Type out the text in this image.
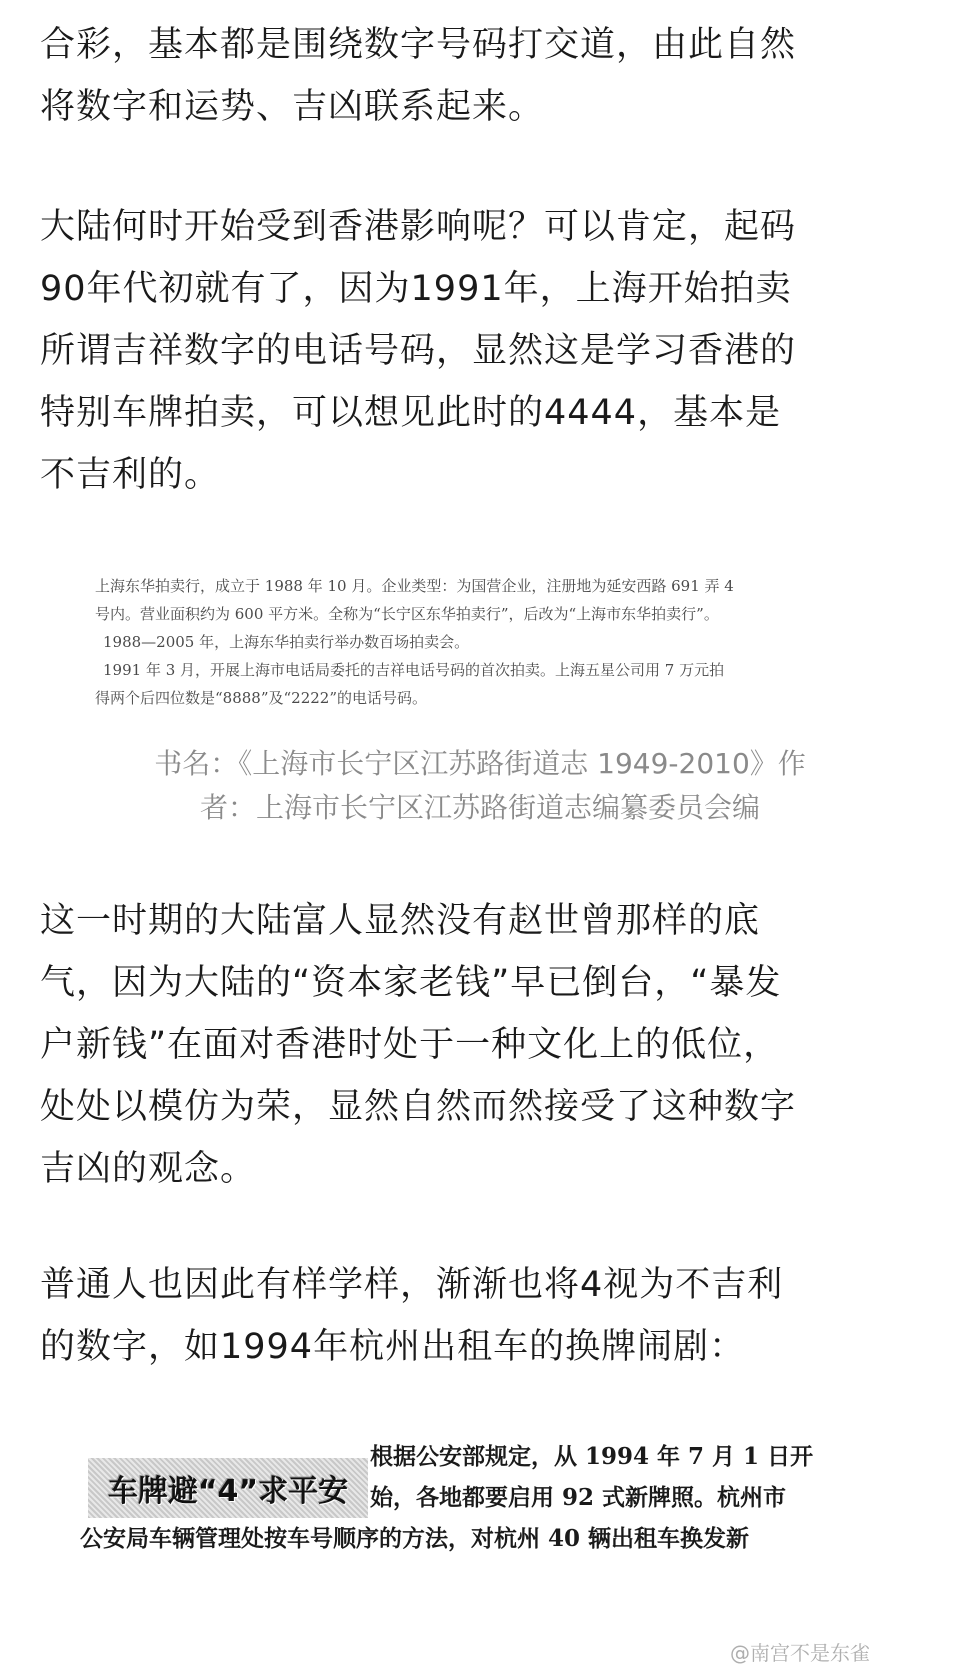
合彩，基本都是围绕数字号码打交道，由此自然

将数字和运势、吉凶联系起来。

大陆何时开始受到香港影响呢？可以肯定，起码

90年代初就有了，因为1991年，上海开始拍卖

所谓吉祥数字的电话号码，显然这是学习香港的

特别车牌拍卖，可以想见此时的4444，基本是

不吉利的。

上海东华拍卖行，成立于 1988 年 10 月。企业类型：为国营企业，注册地为延安西路 691 弄 4

号内。营业面积约为 600 平方米。全称为“长宁区东华拍卖行”，后改为“上海市东华拍卖行”。

1988—2005 年，上海东华拍卖行举办数百场拍卖会。

1991 年 3 月，开展上海市电话局委托的吉祥电话号码的首次拍卖。上海五星公司用 7 万元拍

得两个后四位数是“8888”及“2222”的电话号码。

书名：《上海市长宁区江苏路街道志 1949-2010》作

者：上海市长宁区江苏路街道志编纂委员会编

这一时期的大陆富人显然没有赵世曾那样的底

气，因为大陆的“资本家老钱”早已倒台，“暴发

户新钱”在面对香港时处于一种文化上的低位，

处处以模仿为荣，显然自然而然接受了这种数字

吉凶的观念。

普通人也因此有样学样，渐渐也将4视为不吉利

的数字，如1994年杭州出租车的换牌闹剧：

车牌避“4”求平安

根据公安部规定，从 1994 年 7 月 1 日开

始，各地都要启用 92 式新牌照。杭州市

公安局车辆管理处按车号顺序的方法，对杭州 40 辆出租车换发新

@南宫不是东雀
